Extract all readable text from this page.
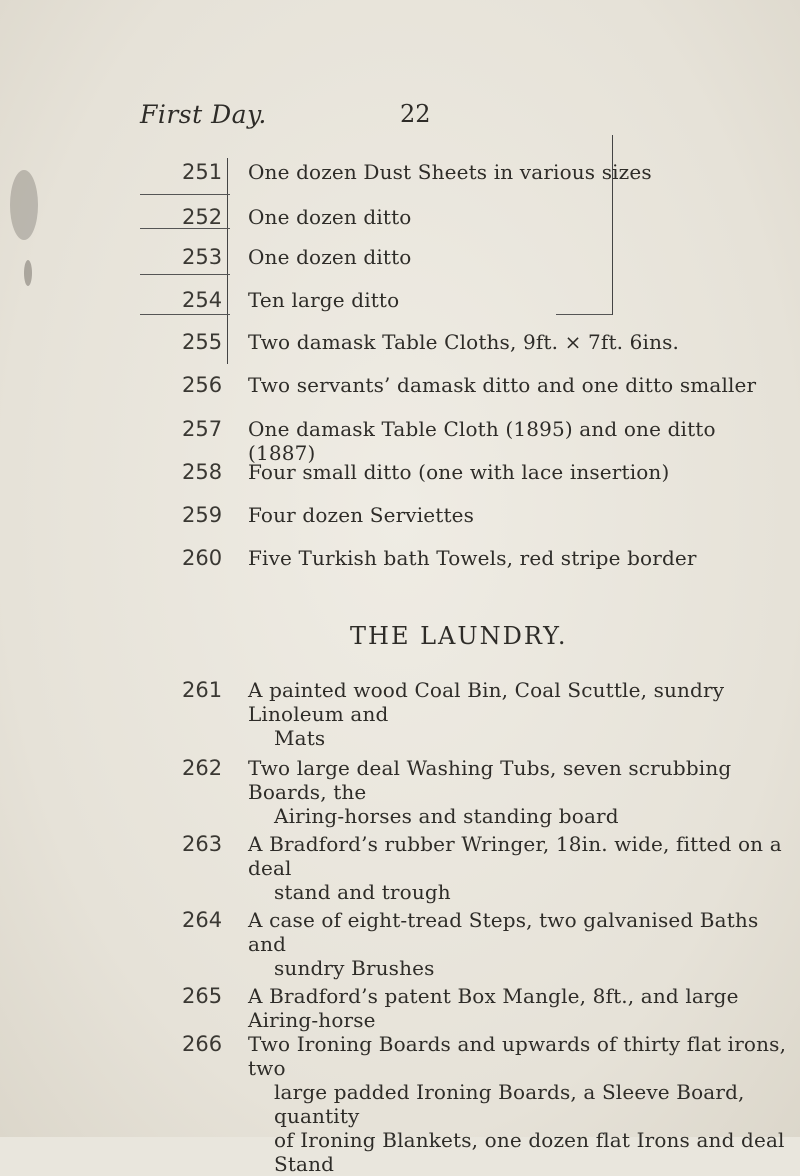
First Day.	22
251 One dozen Dust Sheets in various sizes
252 One dozen ditto
253 One dozen ditto
254 Ten large ditto
255 Two damask Table Cloths, 9ft. × 7ft. 6ins.
256 Two servants’ damask ditto and one ditto smaller
257 One damask Table Cloth (1895) and one ditto (1887)
258 Four small ditto (one with lace insertion)
259 Four dozen Serviettes
260 Five Turkish bath Towels, red stripe border
THE LAUNDRY.
261 A painted wood Coal Bin, Coal Scuttle, sundry Linoleum and
Mats
262 Two large deal Washing Tubs, seven scrubbing Boards, the
Airing-horses and standing board
263 A Bradford’s rubber Wringer, 18in. wide, fitted on a deal
stand and trough
264 A case of eight-tread Steps, two galvanised Baths and
sundry Brushes
265 A Bradford’s patent Box Mangle, 8ft., and large Airing-horse
266 Two Ironing Boards and upwards of thirty flat irons, two
large padded Ironing Boards, a Sleeve Board, quantity
of Ironing Blankets, one dozen flat Irons and deal Stand
